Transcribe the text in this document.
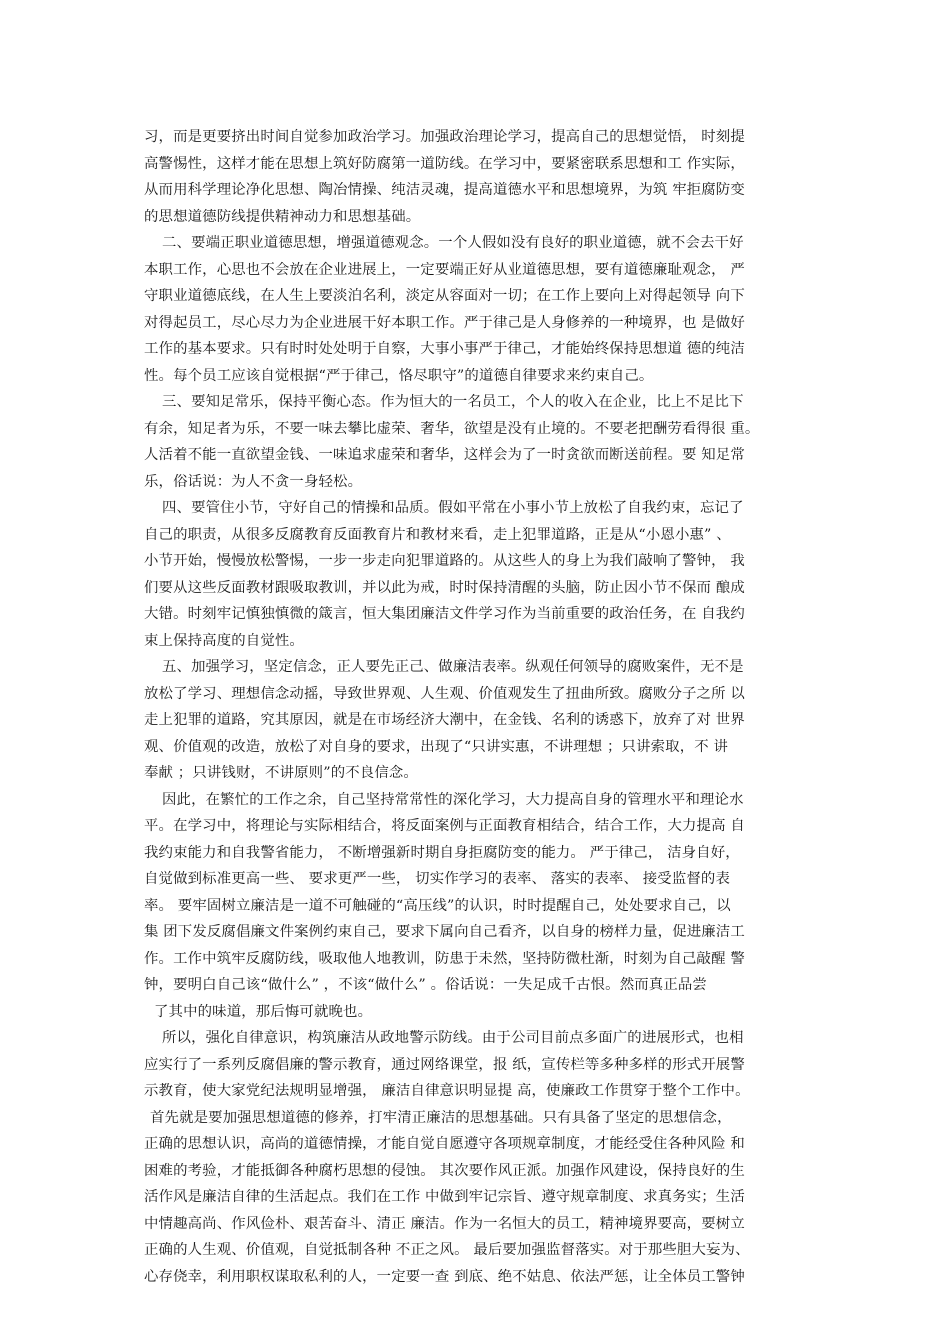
习，而是更要挤出时间自觉参加政治学习。加强政治理论学习，提高自己的思想觉悟， 时刻提
高警惕性，这样才能在思想上筑好防腐第一道防线。在学习中，要紧密联系思想和工 作实际，
从而用科学理论净化思想、陶冶情操、纯洁灵魂，提高道德水平和思想境界，为筑 牢拒腐防变
的思想道德防线提供精神动力和思想基础。
二、要端正职业道德思想，增强道德观念。一个人假如没有良好的职业道德，就不会去干好
本职工作，心思也不会放在企业进展上，一定要端正好从业道德思想，要有道德廉耻观念， 严
守职业道德底线，在人生上要淡泊名利，淡定从容面对一切；在工作上要向上对得起领导 向下
对得起员工，尽心尽力为企业进展干好本职工作。严于律己是人身修养的一种境界，也 是做好
工作的基本要求。只有时时处处明于自察，大事小事严于律己，才能始终保持思想道 德的纯洁
性。每个员工应该自觉根据“严于律己，恪尽职守”的道德自律要求来约束自己。
三、要知足常乐，保持平衡心态。作为恒大的一名员工，个人的收入在企业，比上不足比下
有余，知足者为乐，不要一味去攀比虚荣、奢华，欲望是没有止境的。不要老把酬劳看得很 重。
人活着不能一直欲望金钱、一味追求虚荣和奢华，这样会为了一时贪欲而断送前程。要 知足常
乐，俗话说：为人不贪一身轻松。
四、要管住小节，守好自己的情操和品质。假如平常在小事小节上放松了自我约束，忘记了
自己的职责，从很多反腐教育反面教育片和教材来看，走上犯罪道路，正是从“小恩小惠” 、
小节开始，慢慢放松警惕，一步一步走向犯罪道路的。从这些人的身上为我们敲响了警钟， 我
们要从这些反面教材跟吸取教训，并以此为戒，时时保持清醒的头脑，防止因小节不保而 酿成
大错。时刻牢记慎独慎微的箴言，恒大集团廉洁文件学习作为当前重要的政治任务，在 自我约
束上保持高度的自觉性。
五、加强学习，坚定信念，正人要先正己、做廉洁表率。纵观任何领导的腐败案件，无不是
放松了学习、理想信念动摇，导致世界观、人生观、价值观发生了扭曲所致。腐败分子之所 以
走上犯罪的道路，究其原因，就是在市场经济大潮中，在金钱、名利的诱惑下，放弃了对 世界
观、价值观的改造，放松了对自身的要求，出现了“只讲实惠，不讲理想 ；只讲索取，不 讲
奉献 ；只讲钱财，不讲原则”的不良信念。
因此，在繁忙的工作之余，自己坚持常常性的深化学习，大力提高自身的管理水平和理论水
平。在学习中，将理论与实际相结合，将反面案例与正面教育相结合，结合工作，大力提高 自
我约束能力和自我警省能力， 不断增强新时期自身拒腐防变的能力。 严于律己， 洁身自好，
自觉做到标准更高一些、 要求更严一些， 切实作学习的表率、 落实的表率、 接受监督的表
率。 要牢固树立廉洁是一道不可触碰的“高压线”的认识，时时提醒自己，处处要求自己，以
集 团下发反腐倡廉文件案例约束自己，要求下属向自己看齐，以自身的榜样力量，促进廉洁工
作。工作中筑牢反腐防线，吸取他人地教训，防患于未然，坚持防微杜渐，时刻为自己敲醒 警
钟，要明白自己该“做什么” ，不该“做什么” 。俗话说：一失足成千古恨。然而真正品尝
了其中的味道，那后悔可就晚也。
所以，强化自律意识，构筑廉洁从政地警示防线。由于公司目前点多面广的进展形式，也相
应实行了一系列反腐倡廉的警示教育，通过网络课堂，报 纸，宣传栏等多种多样的形式开展警
示教育，使大家党纪法规明显增强， 廉洁自律意识明显提 高，使廉政工作贯穿于整个工作中。
首先就是要加强思想道德的修养，打牢清正廉洁的思想基础。只有具备了坚定的思想信念，
正确的思想认识，高尚的道德情操，才能自觉自愿遵守各项规章制度，才能经受住各种风险 和
困难的考验，才能抵御各种腐朽思想的侵蚀。 其次要作风正派。加强作风建设，保持良好的生
活作风是廉洁自律的生活起点。我们在工作 中做到牢记宗旨、遵守规章制度、求真务实；生活
中情趣高尚、作风俭朴、艰苦奋斗、清正 廉洁。作为一名恒大的员工，精神境界要高，要树立
正确的人生观、价值观，自觉抵制各种 不正之风。 最后要加强监督落实。对于那些胆大妄为、
心存侥幸，利用职权谋取私利的人，一定要一查 到底、绝不姑息、依法严惩，让全体员工警钟
